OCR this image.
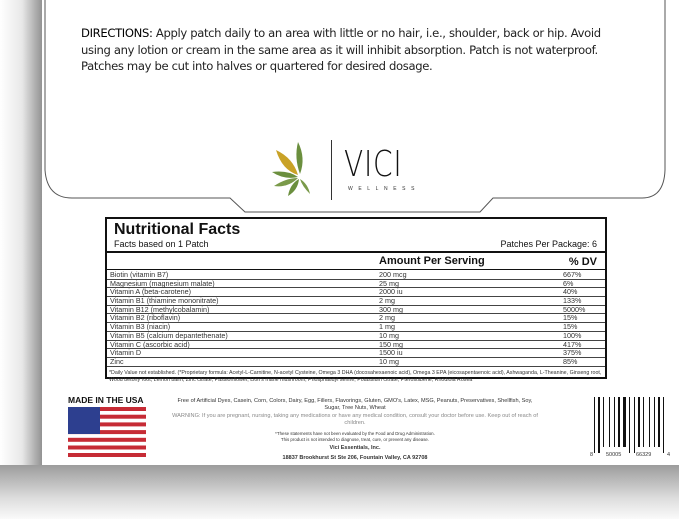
DIRECTIONS: Apply patch daily to an area with little or no hair, i.e., shoulder, back or hip. Avoid using any lotion or cream in the same area as it will inhibit absorption. Patch is not waterproof. Patches may be cut into halves or quartered for desired dosage.
VICI
WELLNESS
Nutritional Facts
Facts based on 1 Patch	Patches Per Package: 6
Amount Per Serving	% DV
Biotin (vitamin B7)	200 mcg	667%
Magnesium (magnesium malate)	25 mg	6%
Vitamin A (beta-carotene)	2000 iu	40%
Vitamin B1 (thiamine mononitrate)	2 mg	133%
Vitamin B12 (methylcobalamin)	300 mg	5000%
Vitamin B2 (riboflavin)	2 mg	15%
Vitamin B3 (niacin)	1 mg	15%
Vitamin B5 (calcium depantethenate)	10 mg	100%
Vitamin C (ascorbic acid)	150 mg	417%
Vitamin D	1500 iu	375%
Zinc	10 mg	85%
*Daily Value not established. (*Proprietary formula: Acetyl-L-Carnitine, N-acetyl Cysteine, Omega 3 DHA (docosahexaenoic acid), Omega 3 EPA (eicosapentaenoic acid), Ashwaganda, L-Theanine, Ginseng root, Wood betony root, Lemon balm, Zinc citrate, Passionflower, Lion's mane mushroom, Phosphatidyl serine, Potassium citrate, Pterostilbene, Rhodiola Rosea
MADE IN THE USA	Free of Artificial Dyes, Casein, Corn, Colors, Dairy, Egg, Fillers, Flavorings, Gluten, GMO's, Latex, MSG, Peanuts, Preservatives, Shellfish, Soy, Sugar, Tree Nuts, Wheat
WARNING: If you are pregnant, nursing, taking any medications or have any medical condition, consult your doctor before use. Keep out of reach of children.
*These statements have not been evaluated by the Food and Drug Administration.
This product is not intended to diagnose, treat, cure, or prevent any disease.
Vici Essentials, Inc.
18837 Brookhurst St Ste 206, Fountain Valley, CA 92708	8 50005	66329	4
